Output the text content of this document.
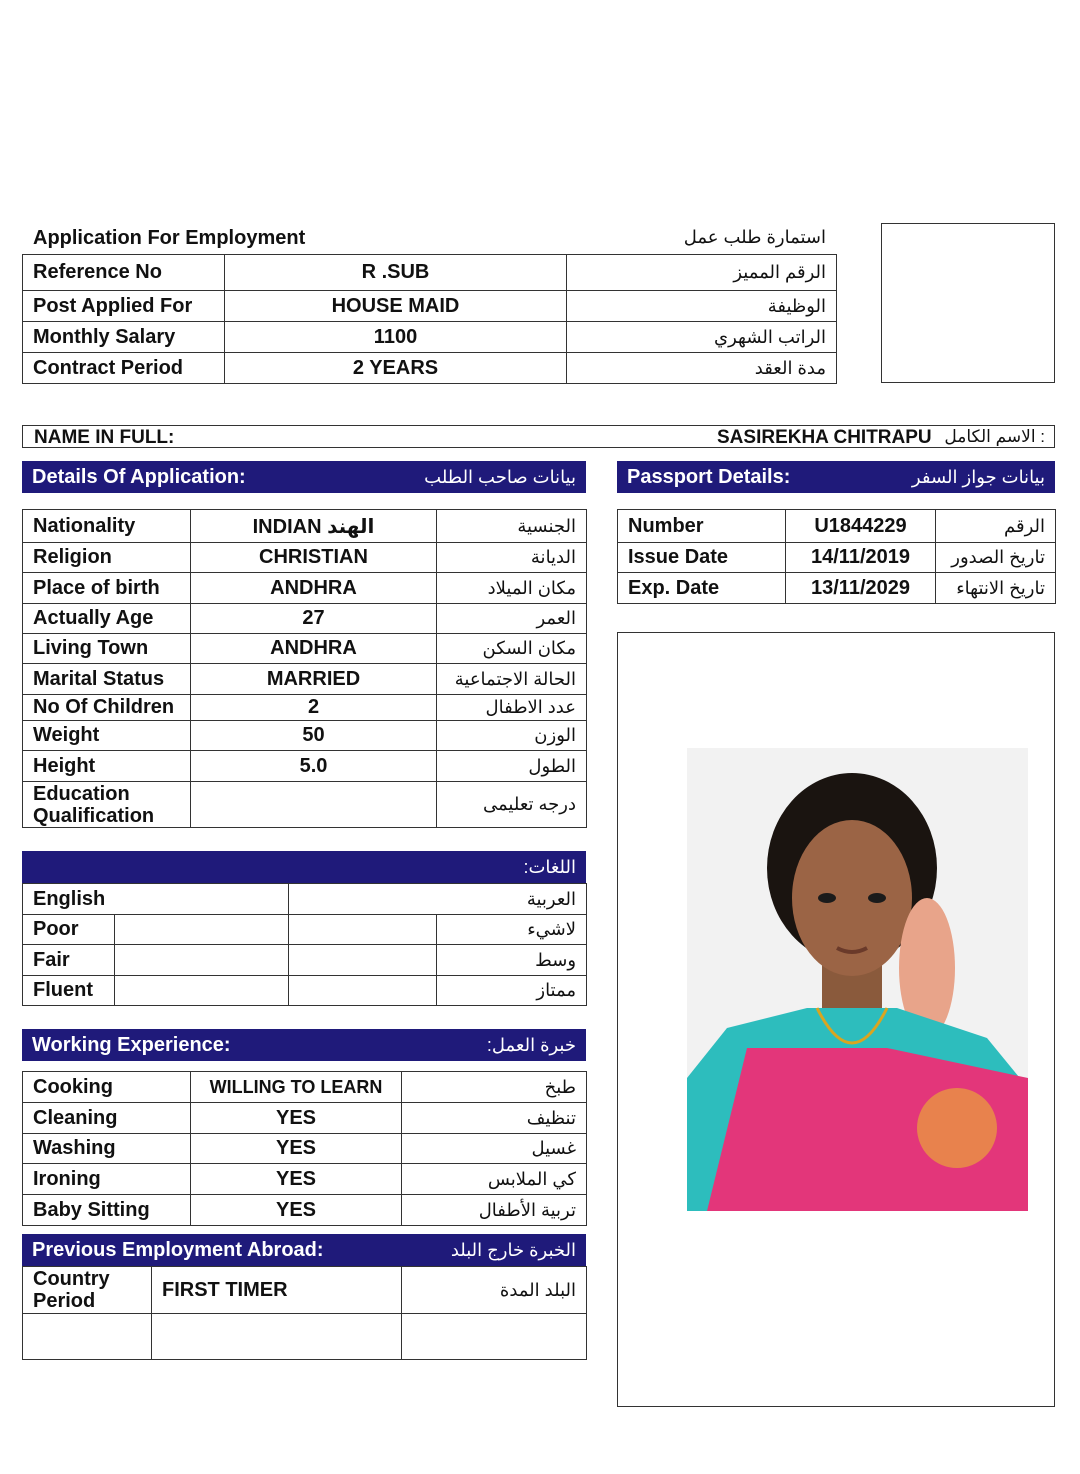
Application For Employment	استمارة طلب عمل
Reference No	R .SUB	الرقم المميز
Post Applied For	HOUSE MAID	الوظيفة
Monthly Salary	1100	الراتب الشهري
Contract Period	2 YEARS	مدة العقد
NAME IN FULL:	SASIREKHA CHITRAPU : الاسم الكامل
Details Of Application:	بيانات صاحب الطلب	Passport Details:	بيانات جواز السفر
Nationality	INDIAN الهند	الجنسية
Religion	CHRISTIAN	الديانة
Place of birth	ANDHRA	مكان الميلاد
Actually Age	27	العمر
Living Town	ANDHRA	مكان السكن
Marital Status	MARRIED	الحالة الاجتماعية
No Of Children	2	عدد الاطفال
Weight	50	الوزن
Height	5.0	الطول
Education Qualification		درجه تعليمى
Number	U1844229	الرقم
Issue Date	14/11/2019	تاريخ الصدور
Exp. Date	13/11/2029	تاريخ الانتهاء
اللغات:
English		العربية	
Poor			لاشيء
Fair			وسط
Fluent			ممتاز
Working Experience:	خبرة العمل:
Cooking	WILLING TO LEARN	طبخ
Cleaning	YES	تنظيف
Washing	YES	غسيل
Ironing	YES	كي الملابس
Baby Sitting	YES	تربية الأطفال
Previous Employment Abroad:	الخبرة خارج البلد
Country Period	FIRST TIMER	البلد المدة
